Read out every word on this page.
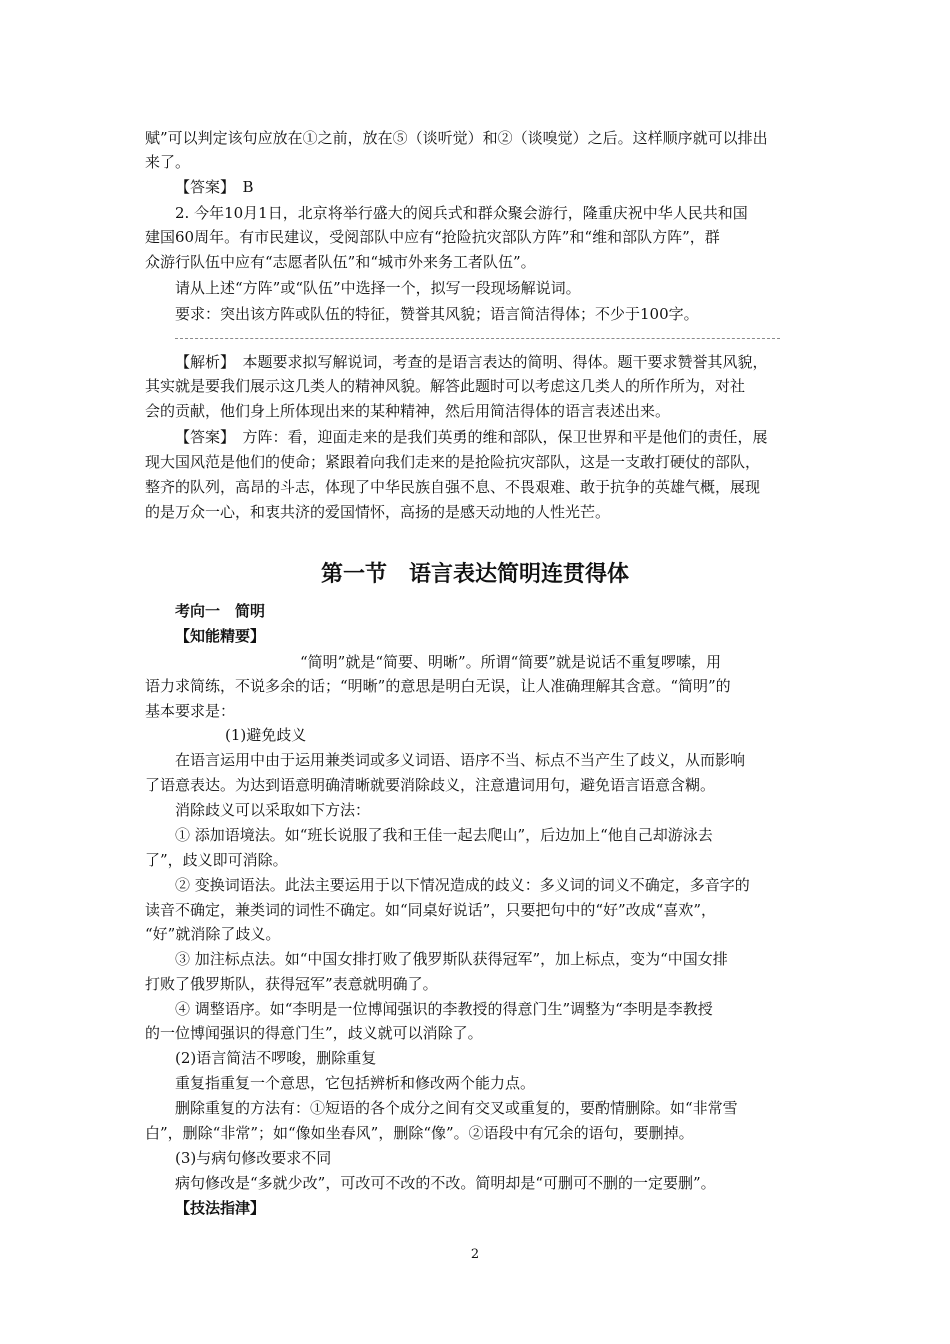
赋”可以判定该句应放在①之前，放在⑤（谈听觉）和②（谈嗅觉）之后。这样顺序就可以排出
来了。
【答案】　B
2. 今年10月1日，北京将举行盛大的阅兵式和群众聚会游行，隆重庆祝中华人民共和国
建国60周年。有市民建议，受阅部队中应有“抢险抗灾部队方阵”和“维和部队方阵”，群
众游行队伍中应有“志愿者队伍”和“城市外来务工者队伍”。
请从上述“方阵”或“队伍”中选择一个，拟写一段现场解说词。
要求：突出该方阵或队伍的特征，赞誉其风貌；语言简洁得体；不少于100字。
【解析】　本题要求拟写解说词，考查的是语言表达的简明、得体。题干要求赞誉其风貌，
其实就是要我们展示这几类人的精神风貌。解答此题时可以考虑这几类人的所作所为，对社
会的贡献，他们身上所体现出来的某种精神，然后用简洁得体的语言表述出来。
【答案】　方阵：看，迎面走来的是我们英勇的维和部队，保卫世界和平是他们的责任，展
现大国风范是他们的使命；紧跟着向我们走来的是抢险抗灾部队，这是一支敢打硬仗的部队，
整齐的队列，高昂的斗志，体现了中华民族自强不息、不畏艰难、敢于抗争的英雄气概，展现
的是万众一心，和衷共济的爱国情怀，高扬的是感天动地的人性光芒。
第一节　语言表达简明连贯得体
考向一　简明
【知能精要】
“简明”就是“简要、明晰”。所谓“简要”就是说话不重复啰嗦，用
语力求简练，不说多余的话；“明晰”的意思是明白无误，让人准确理解其含意。“简明”的
基本要求是：
(1)避免歧义
在语言运用中由于运用兼类词或多义词语、语序不当、标点不当产生了歧义，从而影响
了语意表达。为达到语意明确清晰就要消除歧义，注意遣词用句，避免语言语意含糊。
消除歧义可以采取如下方法：
① 添加语境法。如“班长说服了我和王佳一起去爬山”，后边加上“他自己却游泳去
了”，歧义即可消除。
② 变换词语法。此法主要运用于以下情况造成的歧义：多义词的词义不确定，多音字的
读音不确定，兼类词的词性不确定。如“同桌好说话”，只要把句中的“好”改成“喜欢”，
“好”就消除了歧义。
③ 加注标点法。如“中国女排打败了俄罗斯队获得冠军”，加上标点，变为“中国女排
打败了俄罗斯队，获得冠军”表意就明确了。
④ 调整语序。如“李明是一位博闻强识的李教授的得意门生”调整为“李明是李教授
的一位博闻强识的得意门生”，歧义就可以消除了。
(2)语言简洁不啰唆，删除重复
重复指重复一个意思，它包括辨析和修改两个能力点。
删除重复的方法有：①短语的各个成分之间有交叉或重复的，要酌情删除。如“非常雪
白”，删除“非常”；如“像如坐春风”，删除“像”。②语段中有冗余的语句，要删掉。
(3)与病句修改要求不同
病句修改是“多就少改”，可改可不改的不改。简明却是“可删可不删的一定要删”。
【技法指津】
2
